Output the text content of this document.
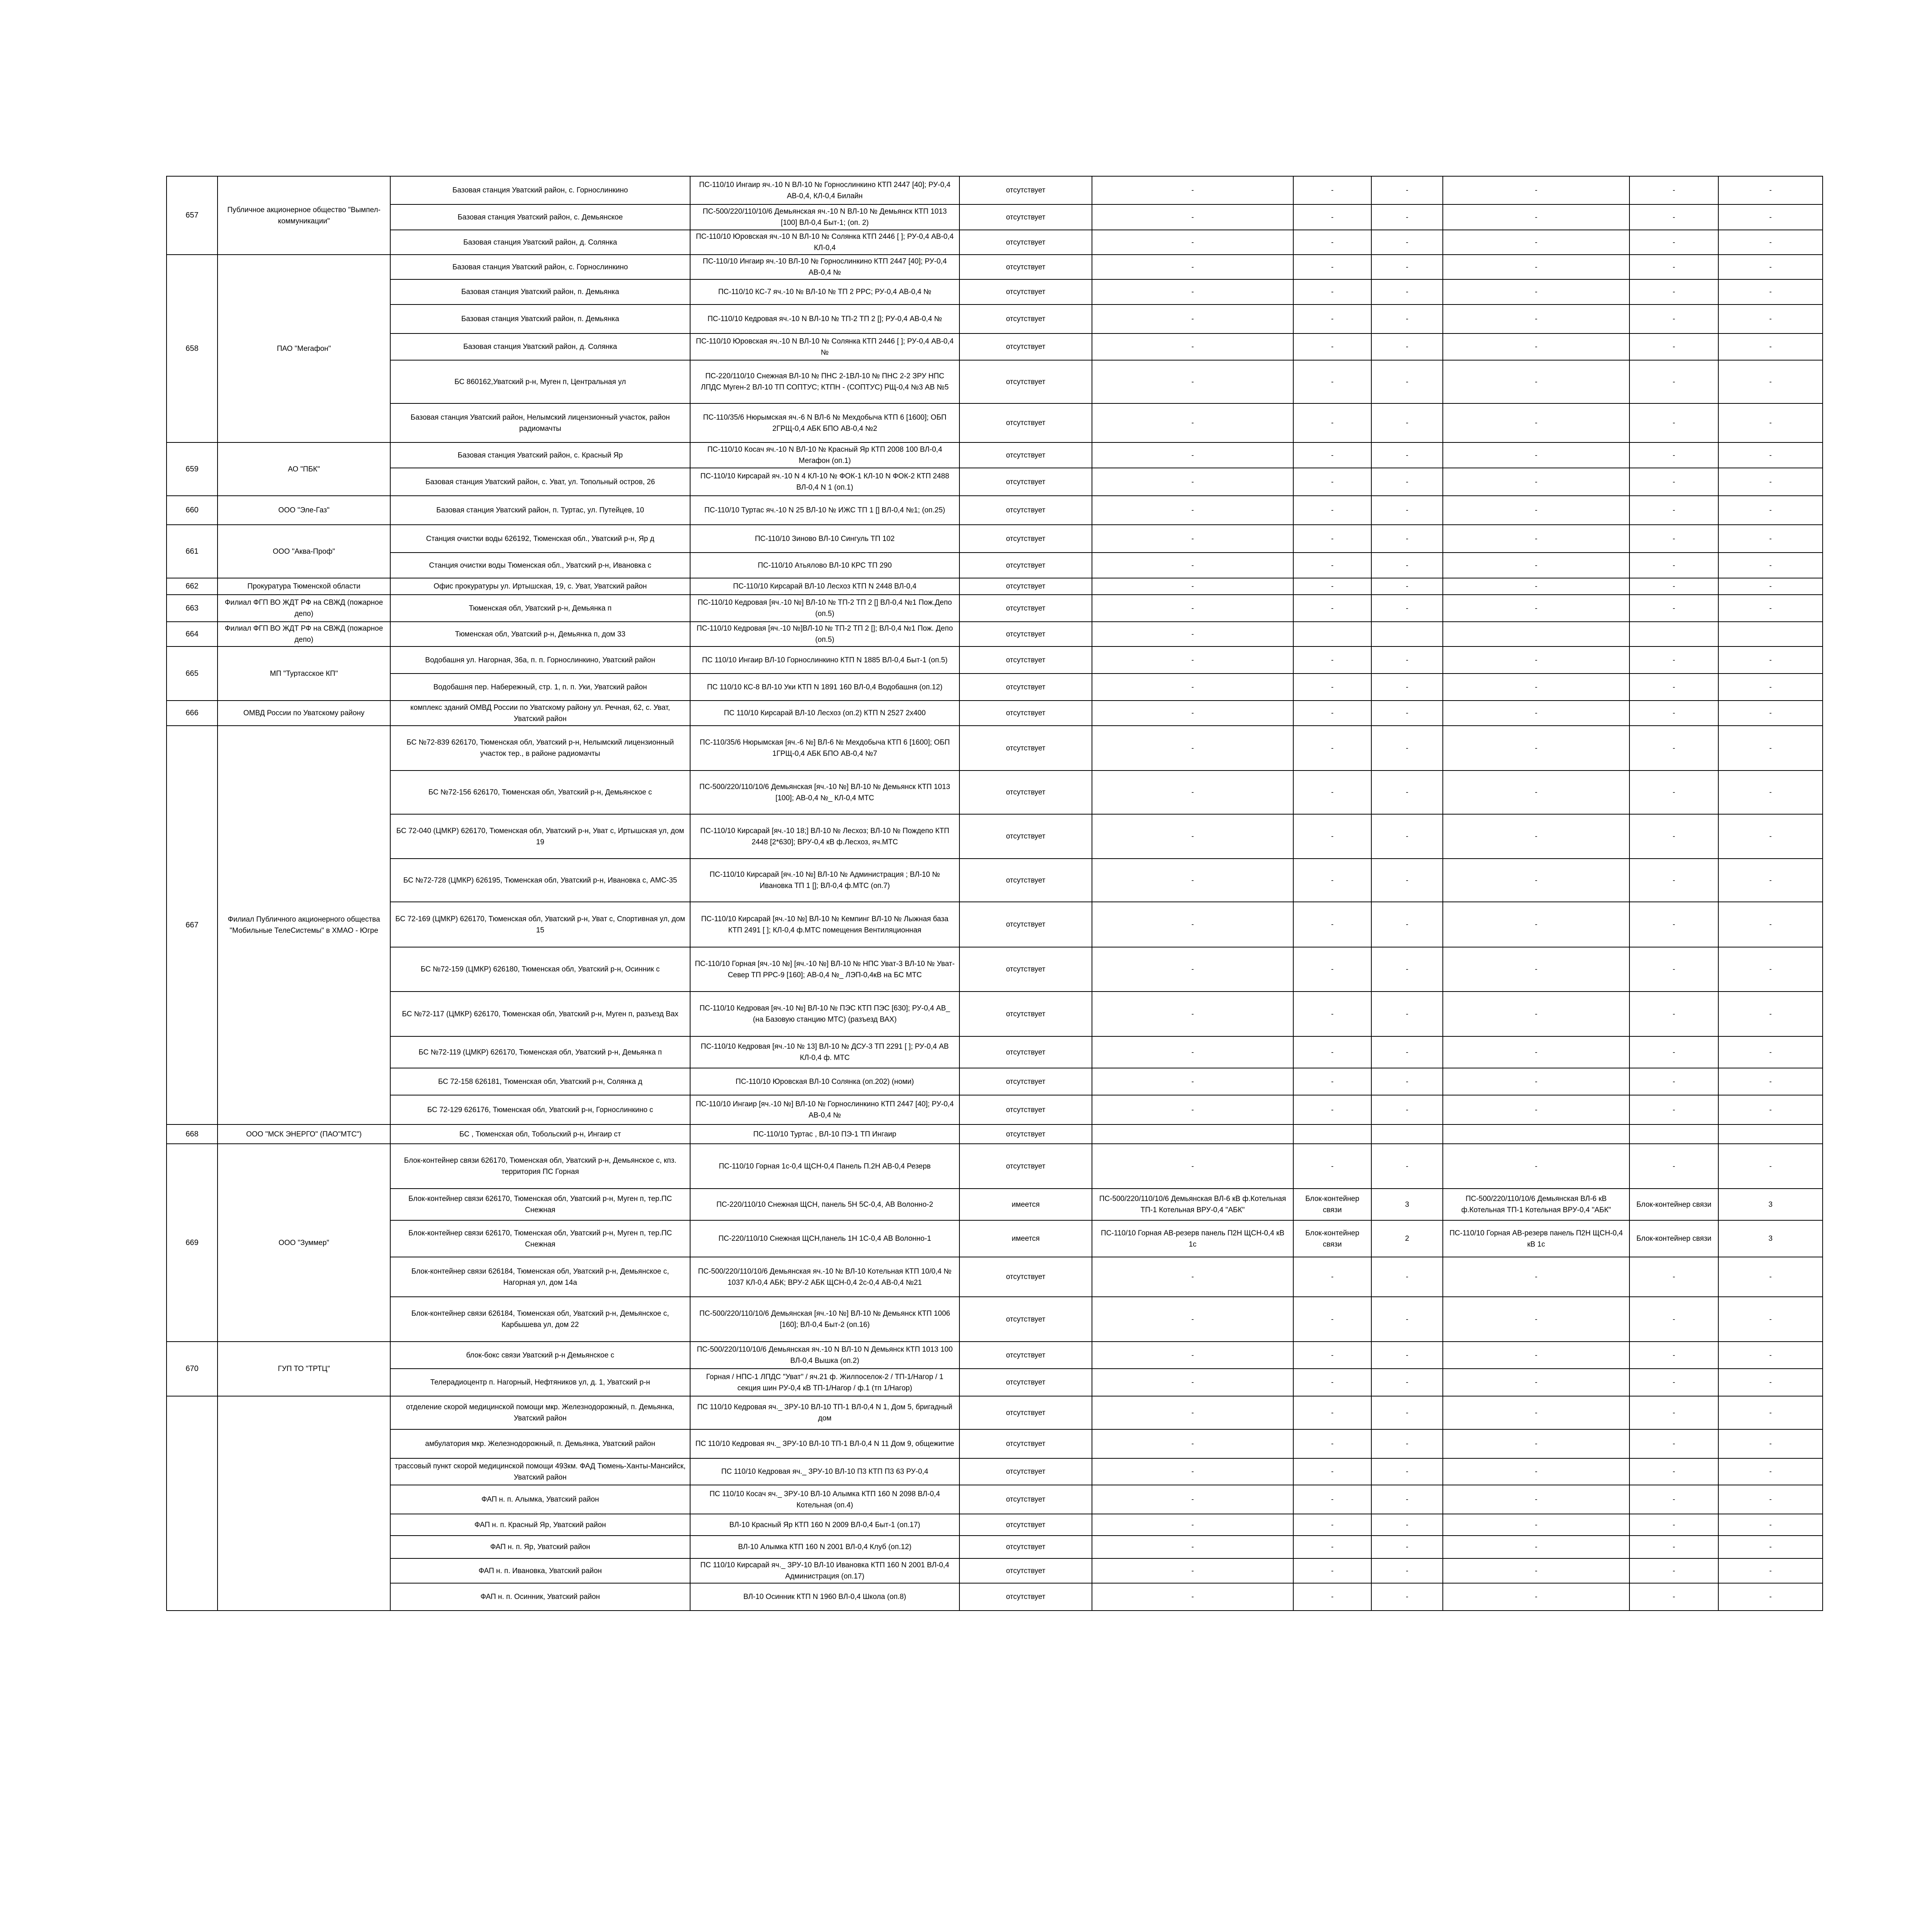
657	Публичное акционерное общество "Вымпел-коммуникации"	Базовая станция Уватский район, с. Горнослинкино	ПС-110/10 Ингаир яч.-10 N ВЛ-10 № Горнослинкино КТП 2447 [40]; РУ-0,4 АВ-0,4, КЛ-0,4 Билайн	отсутствует	-	-	-	-	-	-
		Базовая станция Уватский район, с. Демьянское	ПС-500/220/110/10/6 Демьянская яч.-10 N ВЛ-10 № Демьянск КТП 1013 [100] ВЛ-0,4 Быт-1; (оп. 2)	отсутствует	-	-	-	-	-	-
		Базовая станция Уватский район, д. Солянка	ПС-110/10 Юровская яч.-10 N ВЛ-10 № Солянка КТП 2446 [ ]; РУ-0,4 АВ-0,4 КЛ-0,4	отсутствует	-	-	-	-	-	-
658	ПАО "Мегафон"	Базовая станция Уватский район, с. Горнослинкино	ПС-110/10 Ингаир яч.-10 ВЛ-10 № Горнослинкино КТП 2447 [40]; РУ-0,4 АВ-0,4 №	отсутствует	-	-	-	-	-	-
		Базовая станция Уватский район, п. Демьянка	ПС-110/10 КС-7 яч.-10 № ВЛ-10 № ТП 2 РРС; РУ-0,4 АВ-0,4 №	отсутствует	-	-	-	-	-	-
		Базовая станция Уватский район, п. Демьянка	ПС-110/10 Кедровая яч.-10 N ВЛ-10 № ТП-2 ТП 2 []; РУ-0,4 АВ-0,4 №	отсутствует	-	-	-	-	-	-
		Базовая станция Уватский район, д. Солянка	ПС-110/10 Юровская яч.-10 N ВЛ-10 № Солянка КТП 2446 [ ]; РУ-0,4 АВ-0,4 №	отсутствует	-	-	-	-	-	-
		БС 860162,Уватский р-н, Муген п, Центральная ул	ПС-220/110/10 Снежная ВЛ-10 № ПНС 2-1ВЛ-10 № ПНС 2-2 ЗРУ НПС ЛПДС Муген-2 ВЛ-10 ТП СОПТУС; КТПН - (СОПТУС) РЩ-0,4 №3 АВ №5	отсутствует	-	-	-	-	-	-
		Базовая станция Уватский район, Нелымский лицензионный участок, район радиомачты	ПС-110/35/6 Нюрымская яч.-6 N ВЛ-6 № Мехдобыча КТП 6 [1600]; ОБП 2ГРЩ-0,4 АБК БПО АВ-0,4 №2	отсутствует	-	-	-	-	-	-
659	АО "ПБК"	Базовая станция Уватский район, с. Красный Яр	ПС-110/10 Косач яч.-10 N ВЛ-10 № Красный Яр КТП 2008 100 ВЛ-0,4 Мегафон (оп.1)	отсутствует	-	-	-	-	-	-
		Базовая станция Уватский район, с. Уват, ул. Топольный остров, 26	ПС-110/10 Кирсарай яч.-10 N 4 КЛ-10 № ФОК-1 КЛ-10 N ФОК-2 КТП 2488 ВЛ-0,4 N 1 (оп.1)	отсутствует	-	-	-	-	-	-
660	ООО "Эле-Газ"	Базовая станция Уватский район, п. Туртас, ул. Путейцев, 10	ПС-110/10 Туртас яч.-10 N 25 ВЛ-10 № ИЖС ТП 1 [] ВЛ-0,4 №1; (оп.25)	отсутствует	-	-	-	-	-	-
661	ООО "Аква-Проф"	Станция очистки воды 626192, Тюменская обл., Уватский р-н, Яр д	ПС-110/10 Зиново ВЛ-10 Сингуль ТП 102	отсутствует	-	-	-	-	-	-
		Станция очистки воды Тюменская обл., Уватский р-н, Ивановка с	ПС-110/10 Атьялово ВЛ-10 КРС ТП 290	отсутствует	-	-	-	-	-	-
662	Прокуратура Тюменской области	Офис прокуратуры ул. Иртышская, 19, с. Уват, Уватский район	ПС-110/10 Кирсарай ВЛ-10 Лесхоз КТП N 2448 ВЛ-0,4	отсутствует	-	-	-	-	-	-
663	Филиал ФГП ВО ЖДТ РФ на СВЖД (пожарное депо)	Тюменская обл, Уватский р-н, Демьянка п	ПС-110/10 Кедровая [яч.-10 №] ВЛ-10 № ТП-2 ТП 2 [] ВЛ-0,4 №1 Пож.Депо (оп.5)	отсутствует	-	-	-	-	-	-
664	Филиал ФГП ВО ЖДТ РФ на СВЖД (пожарное депо)	Тюменская обл, Уватский р-н, Демьянка п, дом 33	ПС-110/10 Кедровая [яч.-10 №]ВЛ-10 № ТП-2 ТП 2 []; ВЛ-0,4 №1 Пож. Депо (оп.5)	отсутствует	-					
665	МП "Туртасское КП"	Водобашня ул. Нагорная, 36а, п. п. Горнослинкино, Уватский район	ПС 110/10 Ингаир ВЛ-10 Горнослинкино КТП N 1885 ВЛ-0,4 Быт-1 (оп.5)	отсутствует	-	-	-	-	-	-
		Водобашня пер. Набережный, стр. 1, п. п. Уки, Уватский район	ПС 110/10 КС-8 ВЛ-10 Уки КТП N 1891 160 ВЛ-0,4 Водобашня (оп.12)	отсутствует	-	-	-	-	-	-
666	ОМВД России по Уватскому району	комплекс зданий ОМВД России по Уватскому району ул. Речная, 62, с. Уват, Уватский район	ПС 110/10 Кирсарай ВЛ-10 Лесхоз (оп.2) КТП N 2527 2х400	отсутствует	-	-	-	-	-	-
667	Филиал Публичного акционерного общества "Мобильные ТелеСистемы" в ХМАО - Югре	БС №72-839 626170, Тюменская обл, Уватский р-н, Нелымский лицензионный участок тер., в районе радиомачты	ПС-110/35/6 Нюрымская [яч.-6 №] ВЛ-6 № Мехдобыча КТП 6 [1600]; ОБП 1ГРЩ-0,4 АБК БПО АВ-0,4 №7	отсутствует	-	-	-	-	-	-
		БС №72-156 626170, Тюменская обл, Уватский р-н, Демьянское с	ПС-500/220/110/10/6 Демьянская [яч.-10 №] ВЛ-10 № Демьянск КТП 1013 [100]; АВ-0,4 №_ КЛ-0,4 МТС	отсутствует	-	-	-	-	-	-
		БС 72-040 (ЦМКР) 626170, Тюменская обл, Уватский р-н, Уват с, Иртышская ул, дом 19	ПС-110/10 Кирсарай [яч.-10 18;] ВЛ-10 № Лесхоз; ВЛ-10 № Пождепо КТП 2448 [2*630]; ВРУ-0,4 кВ ф.Лесхоз, яч.МТС	отсутствует	-	-	-	-	-	-
		БС №72-728 (ЦМКР) 626195, Тюменская обл, Уватский р-н, Ивановка с, АМС-35	ПС-110/10 Кирсарай [яч.-10 №] ВЛ-10 № Администрация ; ВЛ-10 № Ивановка ТП 1 []; ВЛ-0,4 ф.МТС (оп.7)	отсутствует	-	-	-	-	-	-
		БС 72-169 (ЦМКР) 626170, Тюменская обл, Уватский р-н, Уват с, Спортивная ул, дом 15	ПС-110/10 Кирсарай [яч.-10 №] ВЛ-10 № Кемпинг ВЛ-10 № Лыжная база КТП 2491 [ ]; КЛ-0,4 ф.МТС помещения Вентиляционная	отсутствует	-	-	-	-	-	-
		БС №72-159 (ЦМКР) 626180, Тюменская обл, Уватский р-н, Осинник с	ПС-110/10 Горная [яч.-10 №] [яч.-10 №] ВЛ-10 № НПС Уват-3 ВЛ-10 № Уват-Север ТП РРС-9 [160]; АВ-0,4 №_ ЛЭП-0,4кВ на БС МТС	отсутствует	-	-	-	-	-	-
		БС №72-117 (ЦМКР) 626170, Тюменская обл, Уватский р-н, Муген п, разъезд Вах	ПС-110/10 Кедровая [яч.-10 №] ВЛ-10 № ПЭС КТП ПЭС [630]; РУ-0,4 АВ_ (на Базовую станцию МТС) (разъезд ВАХ)	отсутствует	-	-	-	-	-	-
		БС №72-119 (ЦМКР) 626170, Тюменская обл, Уватский р-н, Демьянка п	ПС-110/10 Кедровая [яч.-10 № 13] ВЛ-10 № ДСУ-3 ТП 2291 [ ]; РУ-0,4 АВ КЛ-0,4 ф. МТС	отсутствует	-	-	-	-	-	-
		БС 72-158 626181, Тюменская обл, Уватский р-н, Солянка д	ПС-110/10 Юровская ВЛ-10 Солянка (оп.202) (номи)	отсутствует	-	-	-	-	-	-
		БС 72-129 626176, Тюменская обл, Уватский р-н, Горнослинкино с	ПС-110/10 Ингаир [яч.-10 №] ВЛ-10 № Горнослинкино КТП 2447 [40]; РУ-0,4 АВ-0,4 №	отсутствует	-	-	-	-	-	-
668	ООО "МСК ЭНЕРГО" (ПАО"МТС")	БС , Тюменская обл, Тобольский р-н, Ингаир ст	ПС-110/10 Туртас , ВЛ-10 ПЭ-1 ТП Ингаир	отсутствует						
669	ООО "Зуммер"	Блок-контейнер связи 626170, Тюменская обл, Уватский р-н, Демьянское с, кпз. территория ПС Горная	ПС-110/10 Горная 1с-0,4 ЩСН-0,4 Панель П.2Н АВ-0,4 Резерв	отсутствует	-	-	-	-	-	-
		Блок-контейнер связи 626170, Тюменская обл, Уватский р-н, Муген п, тер.ПС Снежная	ПС-220/110/10 Снежная ЩСН, панель 5Н 5С-0,4, АВ Волонно-2	имеется	ПС-500/220/110/10/6 Демьянская ВЛ-6 кВ ф.Котельная ТП-1 Котельная ВРУ-0,4 "АБК"	Блок-контейнер связи	3	ПС-500/220/110/10/6 Демьянская ВЛ-6 кВ ф.Котельная ТП-1 Котельная ВРУ-0,4 "АБК"	Блок-контейнер связи	3
		Блок-контейнер связи 626170, Тюменская обл, Уватский р-н, Муген п, тер.ПС Снежная	ПС-220/110/10 Снежная ЩСН,панель 1Н 1С-0,4 АВ Волонно-1	имеется	ПС-110/10 Горная АВ-резерв панель П2Н ЩСН-0,4 кВ 1с	Блок-контейнер связи	2	ПС-110/10 Горная АВ-резерв панель П2Н ЩСН-0,4 кВ 1с	Блок-контейнер связи	3
		Блок-контейнер связи 626184, Тюменская обл, Уватский р-н, Демьянское с, Нагорная ул, дом 14а	ПС-500/220/110/10/6 Демьянская яч.-10 № ВЛ-10 Котельная КТП 10/0,4 № 1037 КЛ-0,4 АБК; ВРУ-2 АБК ЩСН-0,4 2с-0,4 АВ-0,4 №21	отсутствует	-	-	-	-	-	-
		Блок-контейнер связи 626184, Тюменская обл, Уватский р-н, Демьянское с, Карбышева ул, дом 22	ПС-500/220/110/10/6 Демьянская [яч.-10 №] ВЛ-10 № Демьянск КТП 1006 [160]; ВЛ-0,4 Быт-2 (оп.16)	отсутствует	-	-	-	-	-	-
670	ГУП ТО "ТРТЦ"	блок-бокс связи Уватский р-н Демьянское с	ПС-500/220/110/10/6 Демьянская яч.-10 N ВЛ-10 N Демьянск КТП 1013 100 ВЛ-0,4 Вышка (оп.2)	отсутствует	-	-	-	-	-	-
		Телерадиоцентр п. Нагорный, Нефтяников ул, д. 1, Уватский р-н	Горная / НПС-1 ЛПДС "Уват" / яч.21 ф. Жилпоселок-2 / ТП-1/Нагор / 1 секция шин РУ-0,4 кВ ТП-1/Нагор / ф.1 (тп 1/Нагор)	отсутствует	-	-	-	-	-	-
		отделение скорой медицинской помощи мкр. Железнодорожный, п. Демьянка, Уватский район	ПС 110/10 Кедровая яч._ ЗРУ-10 ВЛ-10 ТП-1 ВЛ-0,4 N 1, Дом 5, бригадный дом	отсутствует	-	-	-	-	-	-
		амбулатория мкр. Железнодорожный, п. Демьянка, Уватский район	ПС 110/10 Кедровая яч._ ЗРУ-10 ВЛ-10 ТП-1 ВЛ-0,4 N 11 Дом 9, общежитие	отсутствует	-	-	-	-	-	-
		трассовый пункт скорой медицинской помощи 493км. ФАД Тюмень-Ханты-Мансийск, Уватский район	ПС 110/10 Кедровая яч._ ЗРУ-10 ВЛ-10 П3 КТП П3 63 РУ-0,4	отсутствует	-	-	-	-	-	-
		ФАП н. п. Алымка, Уватский район	ПС 110/10 Косач яч._ ЗРУ-10 ВЛ-10 Алымка КТП 160 N 2098 ВЛ-0,4 Котельная (оп.4)	отсутствует	-	-	-	-	-	-
		ФАП н. п. Красный Яр, Уватский район	ВЛ-10 Красный Яр КТП 160 N 2009 ВЛ-0,4 Быт-1 (оп.17)	отсутствует	-	-	-	-	-	-
		ФАП н. п. Яр, Уватский район	ВЛ-10 Алымка КТП 160 N 2001 ВЛ-0,4 Клуб (оп.12)	отсутствует	-	-	-	-	-	-
		ФАП н. п. Ивановка, Уватский район	ПС 110/10 Кирсарай яч._ ЗРУ-10 ВЛ-10 Ивановка КТП 160 N 2001 ВЛ-0,4 Администрация (оп.17)	отсутствует	-	-	-	-	-	-
		ФАП н. п. Осинник, Уватский район	ВЛ-10 Осинник КТП N 1960 ВЛ-0,4 Школа (оп.8)	отсутствует	-	-	-	-	-	-
